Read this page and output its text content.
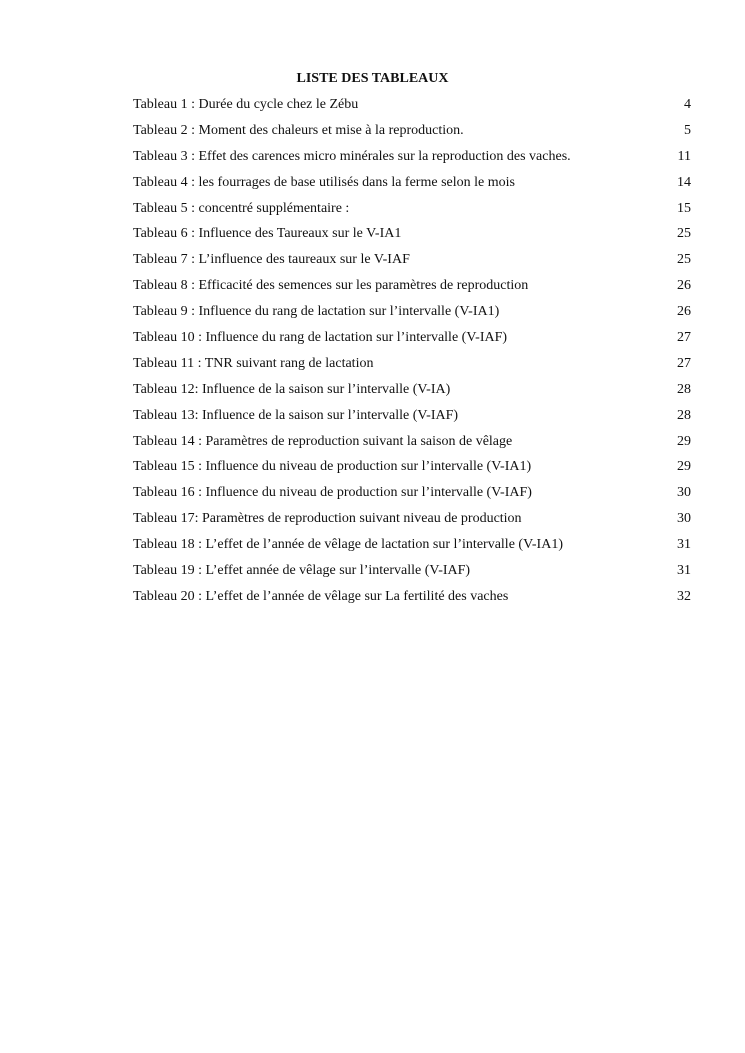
LISTE DES TABLEAUX
Tableau 1 : Durée du cycle chez le Zébu	4
Tableau 2 : Moment des chaleurs et mise à la reproduction.	5
Tableau 3 : Effet des carences micro minérales sur la reproduction des vaches.	11
Tableau 4 : les fourrages de base utilisés dans la ferme selon le mois	14
Tableau 5 : concentré supplémentaire :	15
Tableau 6 : Influence des Taureaux sur le V-IA1	25
Tableau 7 : L’influence des taureaux sur le V-IAF	25
Tableau 8 : Efficacité des semences sur les paramètres de reproduction	26
Tableau 9 : Influence du rang de lactation sur l’intervalle (V-IA1)	26
Tableau 10 : Influence du rang de lactation sur l’intervalle (V-IAF)	27
Tableau 11 : TNR suivant rang de lactation	27
Tableau 12: Influence de la saison sur l’intervalle (V-IA)	28
Tableau 13: Influence de la saison sur l’intervalle (V-IAF)	28
Tableau 14 : Paramètres de reproduction suivant la saison de vêlage	29
Tableau 15 : Influence du niveau de production sur l’intervalle (V-IA1)	29
Tableau 16 : Influence du niveau de production sur l’intervalle (V-IAF)	30
Tableau 17: Paramètres de reproduction suivant niveau de production	30
Tableau 18 : L’effet de l’année de vêlage de lactation sur l’intervalle (V-IA1)	31
Tableau 19 : L’effet année de vêlage sur l’intervalle (V-IAF)	31
Tableau 20 : L’effet de l’année de vêlage sur La fertilité des vaches	32
